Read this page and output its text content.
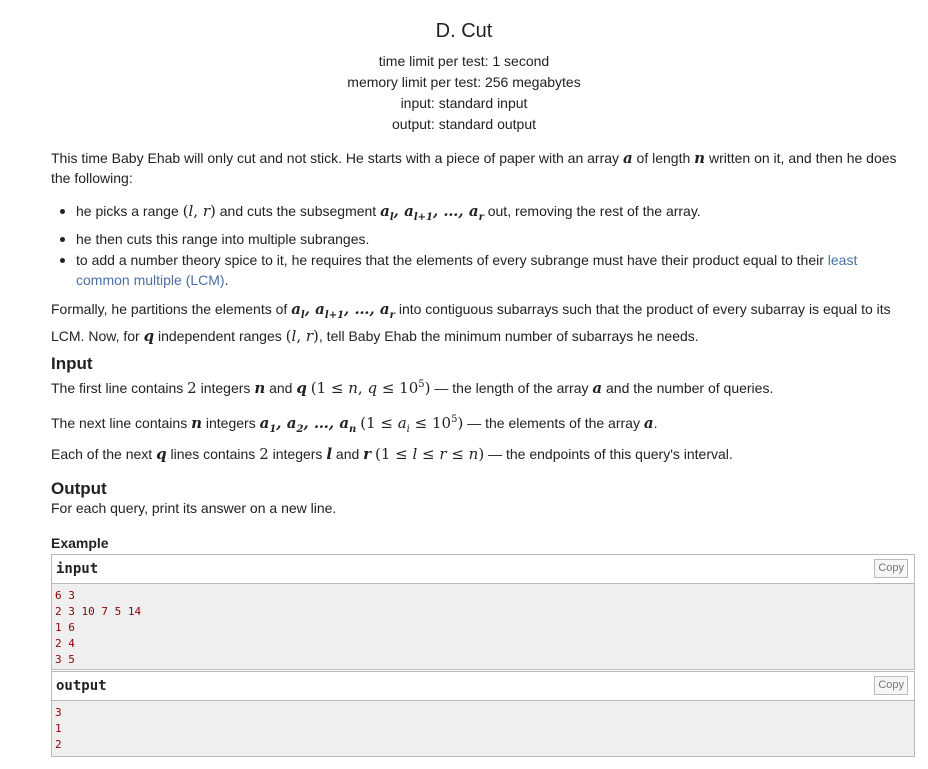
D. Cut
time limit per test: 1 second
memory limit per test: 256 megabytes
input: standard input
output: standard output
This time Baby Ehab will only cut and not stick. He starts with a piece of paper with an array a of length n written on it, and then he does the following:
he picks a range (l, r) and cuts the subsegment $a_l$, $a_{l+1}$, …, $a_r$ out, removing the rest of the array.
he then cuts this range into multiple subranges.
to add a number theory spice to it, he requires that the elements of every subrange must have their product equal to their least common multiple (LCM).
Formally, he partitions the elements of $a_l$, $a_{l+1}$, …, $a_r$ into contiguous subarrays such that the product of every subarray is equal to its LCM. Now, for q independent ranges (l, r), tell Baby Ehab the minimum number of subarrays he needs.
Input
The first line contains 2 integers n and q (1 ≤ n, $q \le 10^5$) — the length of the array a and the number of queries.
The next line contains n integers $a_1$, $a_2$, …, $a_n$ $(1 \le a_i \le 10^5)$ — the elements of the array a.
Each of the next q lines contains 2 integers l and r (1 ≤ l ≤ r ≤ n) — the endpoints of this query's interval.
Output
For each query, print its answer on a new line.
Example
input	Copy
6 3
2 3 10 7 5 14
1 6
2 4
3 5
output	Copy
3
1
2
